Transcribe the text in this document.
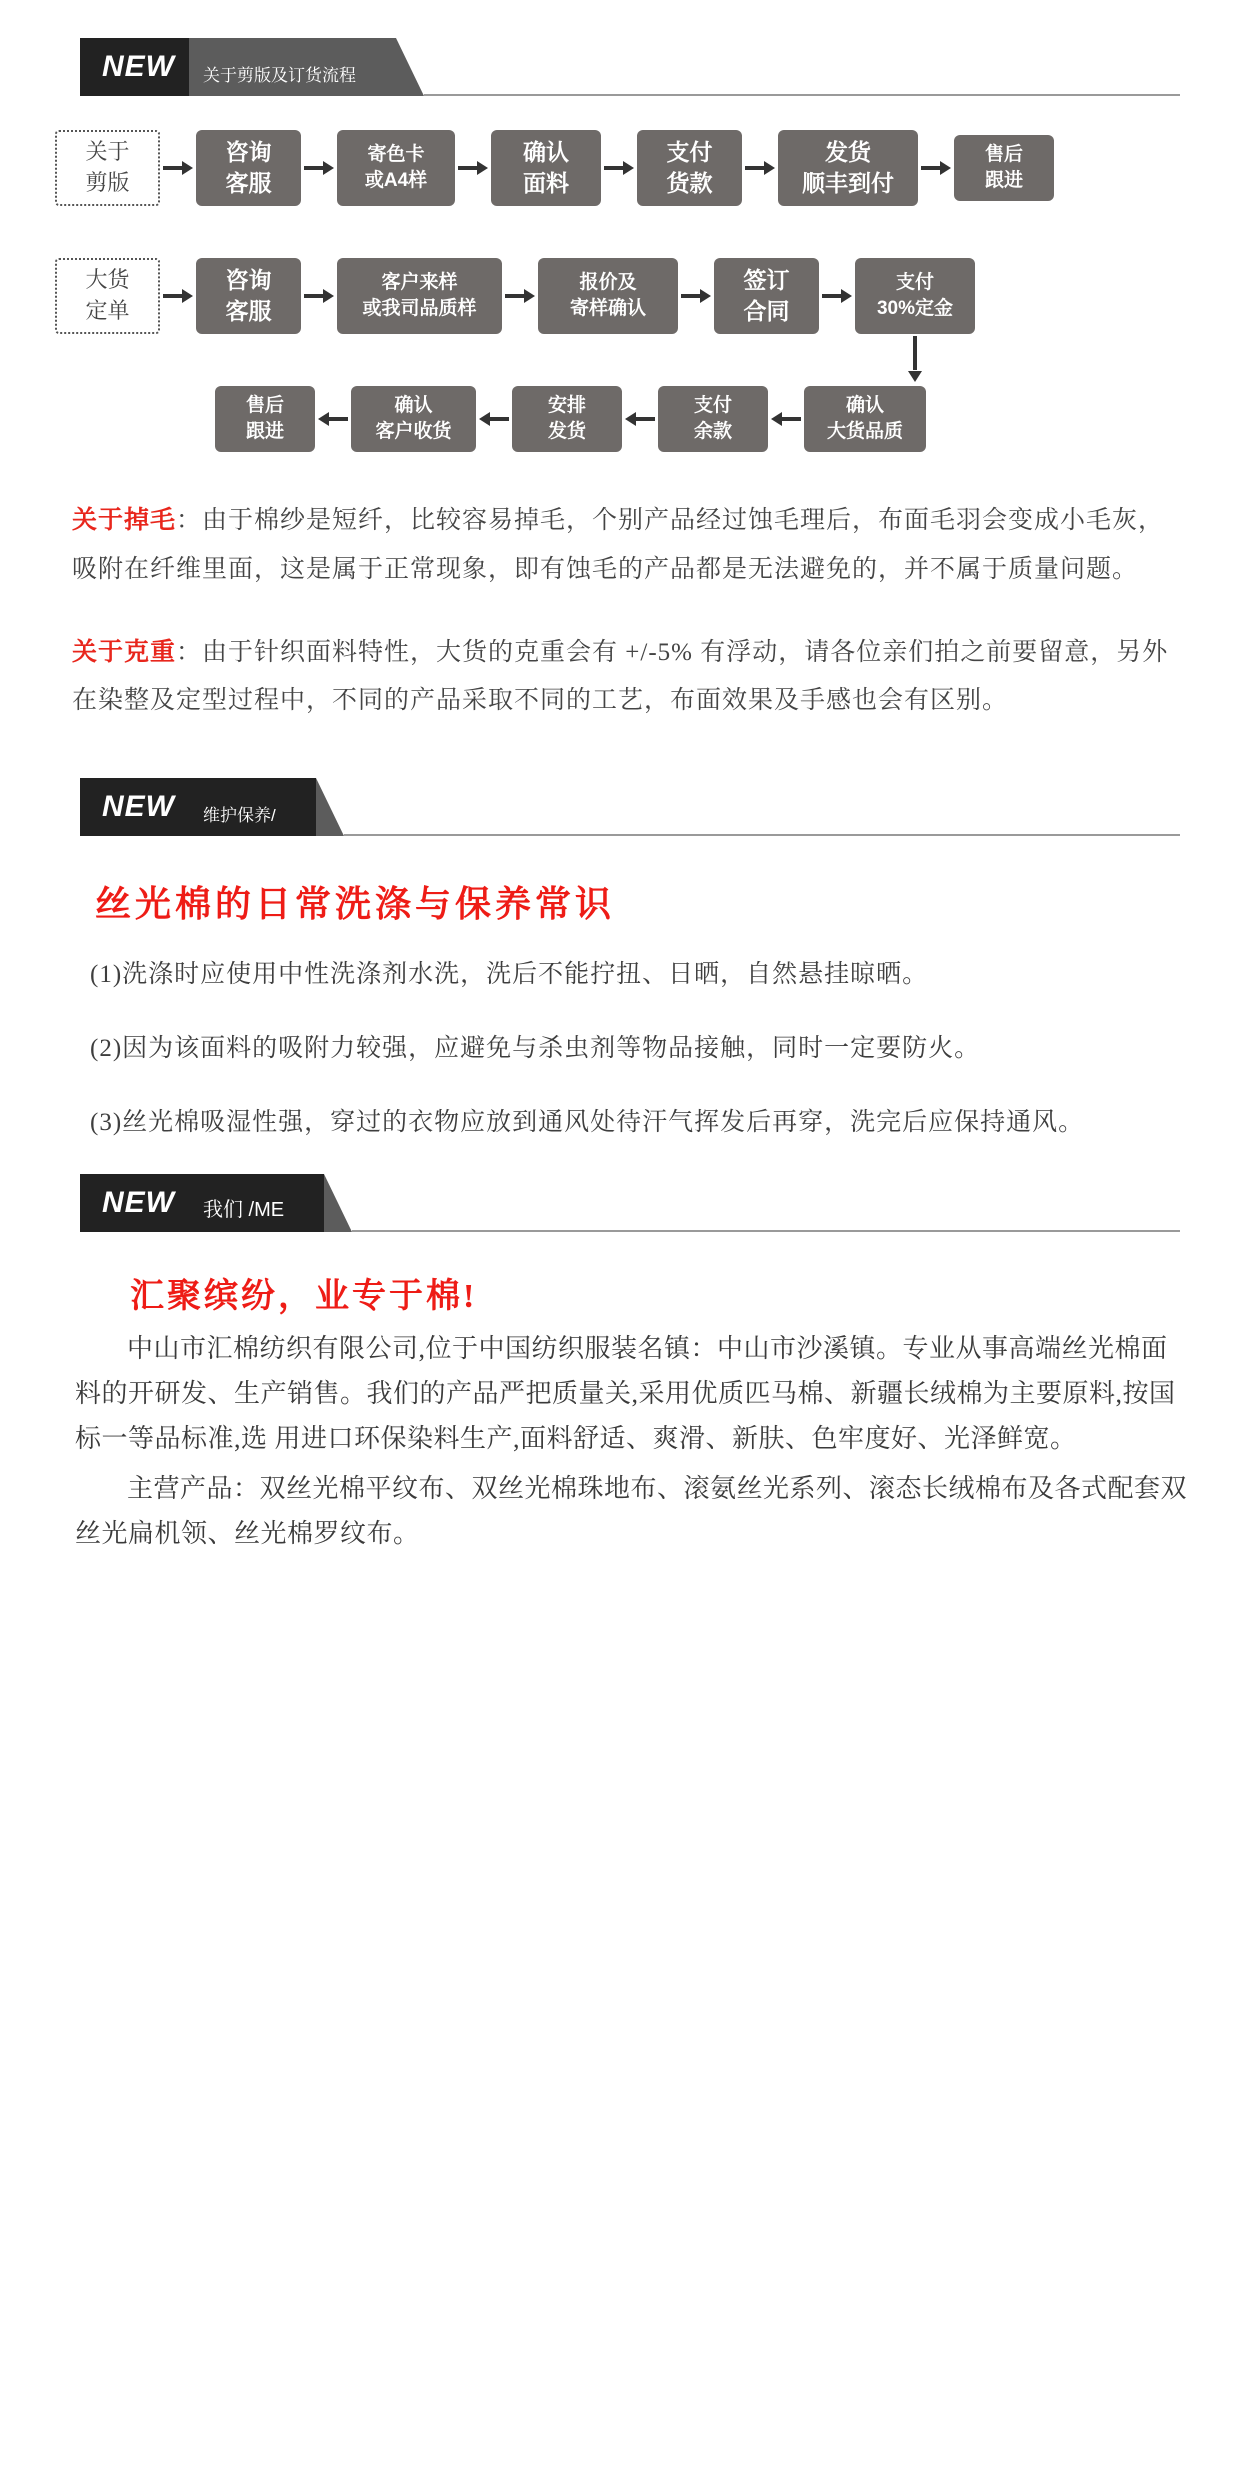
NEW	关于剪版及订货流程
关于
剪版
咨询
客服
寄色卡
或A4样
确认
面料
支付
货款
发货
顺丰到付
售后
跟进
大货
定单
咨询
客服
客户来样
或我司品质样
报价及
寄样确认
签订
合同
支付
30%定金
售后
跟进
确认
客户收货
安排
发货
支付
余款
确认
大货品质
关于掉毛：由于棉纱是短纤，比较容易掉毛，个别产品经过蚀毛理后，布面毛羽会变成小毛灰，吸附在纤维里面，这是属于正常现象，即有蚀毛的产品都是无法避免的，并不属于质量问题。
关于克重：由于针织面料特性，大货的克重会有 +/-5% 有浮动，请各位亲们拍之前要留意，另外在染整及定型过程中，不同的产品采取不同的工艺，布面效果及手感也会有区别。
NEW	维护保养/
丝光棉的日常洗涤与保养常识

(1)洗涤时应使用中性洗涤剂水洗，洗后不能拧扭、日晒，自然悬挂晾晒。

(2)因为该面料的吸附力较强，应避免与杀虫剂等物品接触，同时一定要防火。

(3)丝光棉吸湿性强，穿过的衣物应放到通风处待汗气挥发后再穿，洗完后应保持通风。

NEW	我们 /ME
汇聚缤纷，业专于棉!

中山市汇棉纺织有限公司,位于中国纺织服装名镇：中山市沙溪镇。专业从事高端丝光棉面料的开研发、生产销售。我们的产品严把质量关,采用优质匹马棉、新疆长绒棉为主要原料,按国标一等品标准,选 用进口环保染料生产,面料舒适、爽滑、新肤、色牢度好、光泽鲜宽。

主营产品：双丝光棉平纹布、双丝光棉珠地布、滚氨丝光系列、滚态长绒棉布及各式配套双丝光扁机领、丝光棉罗纹布。
